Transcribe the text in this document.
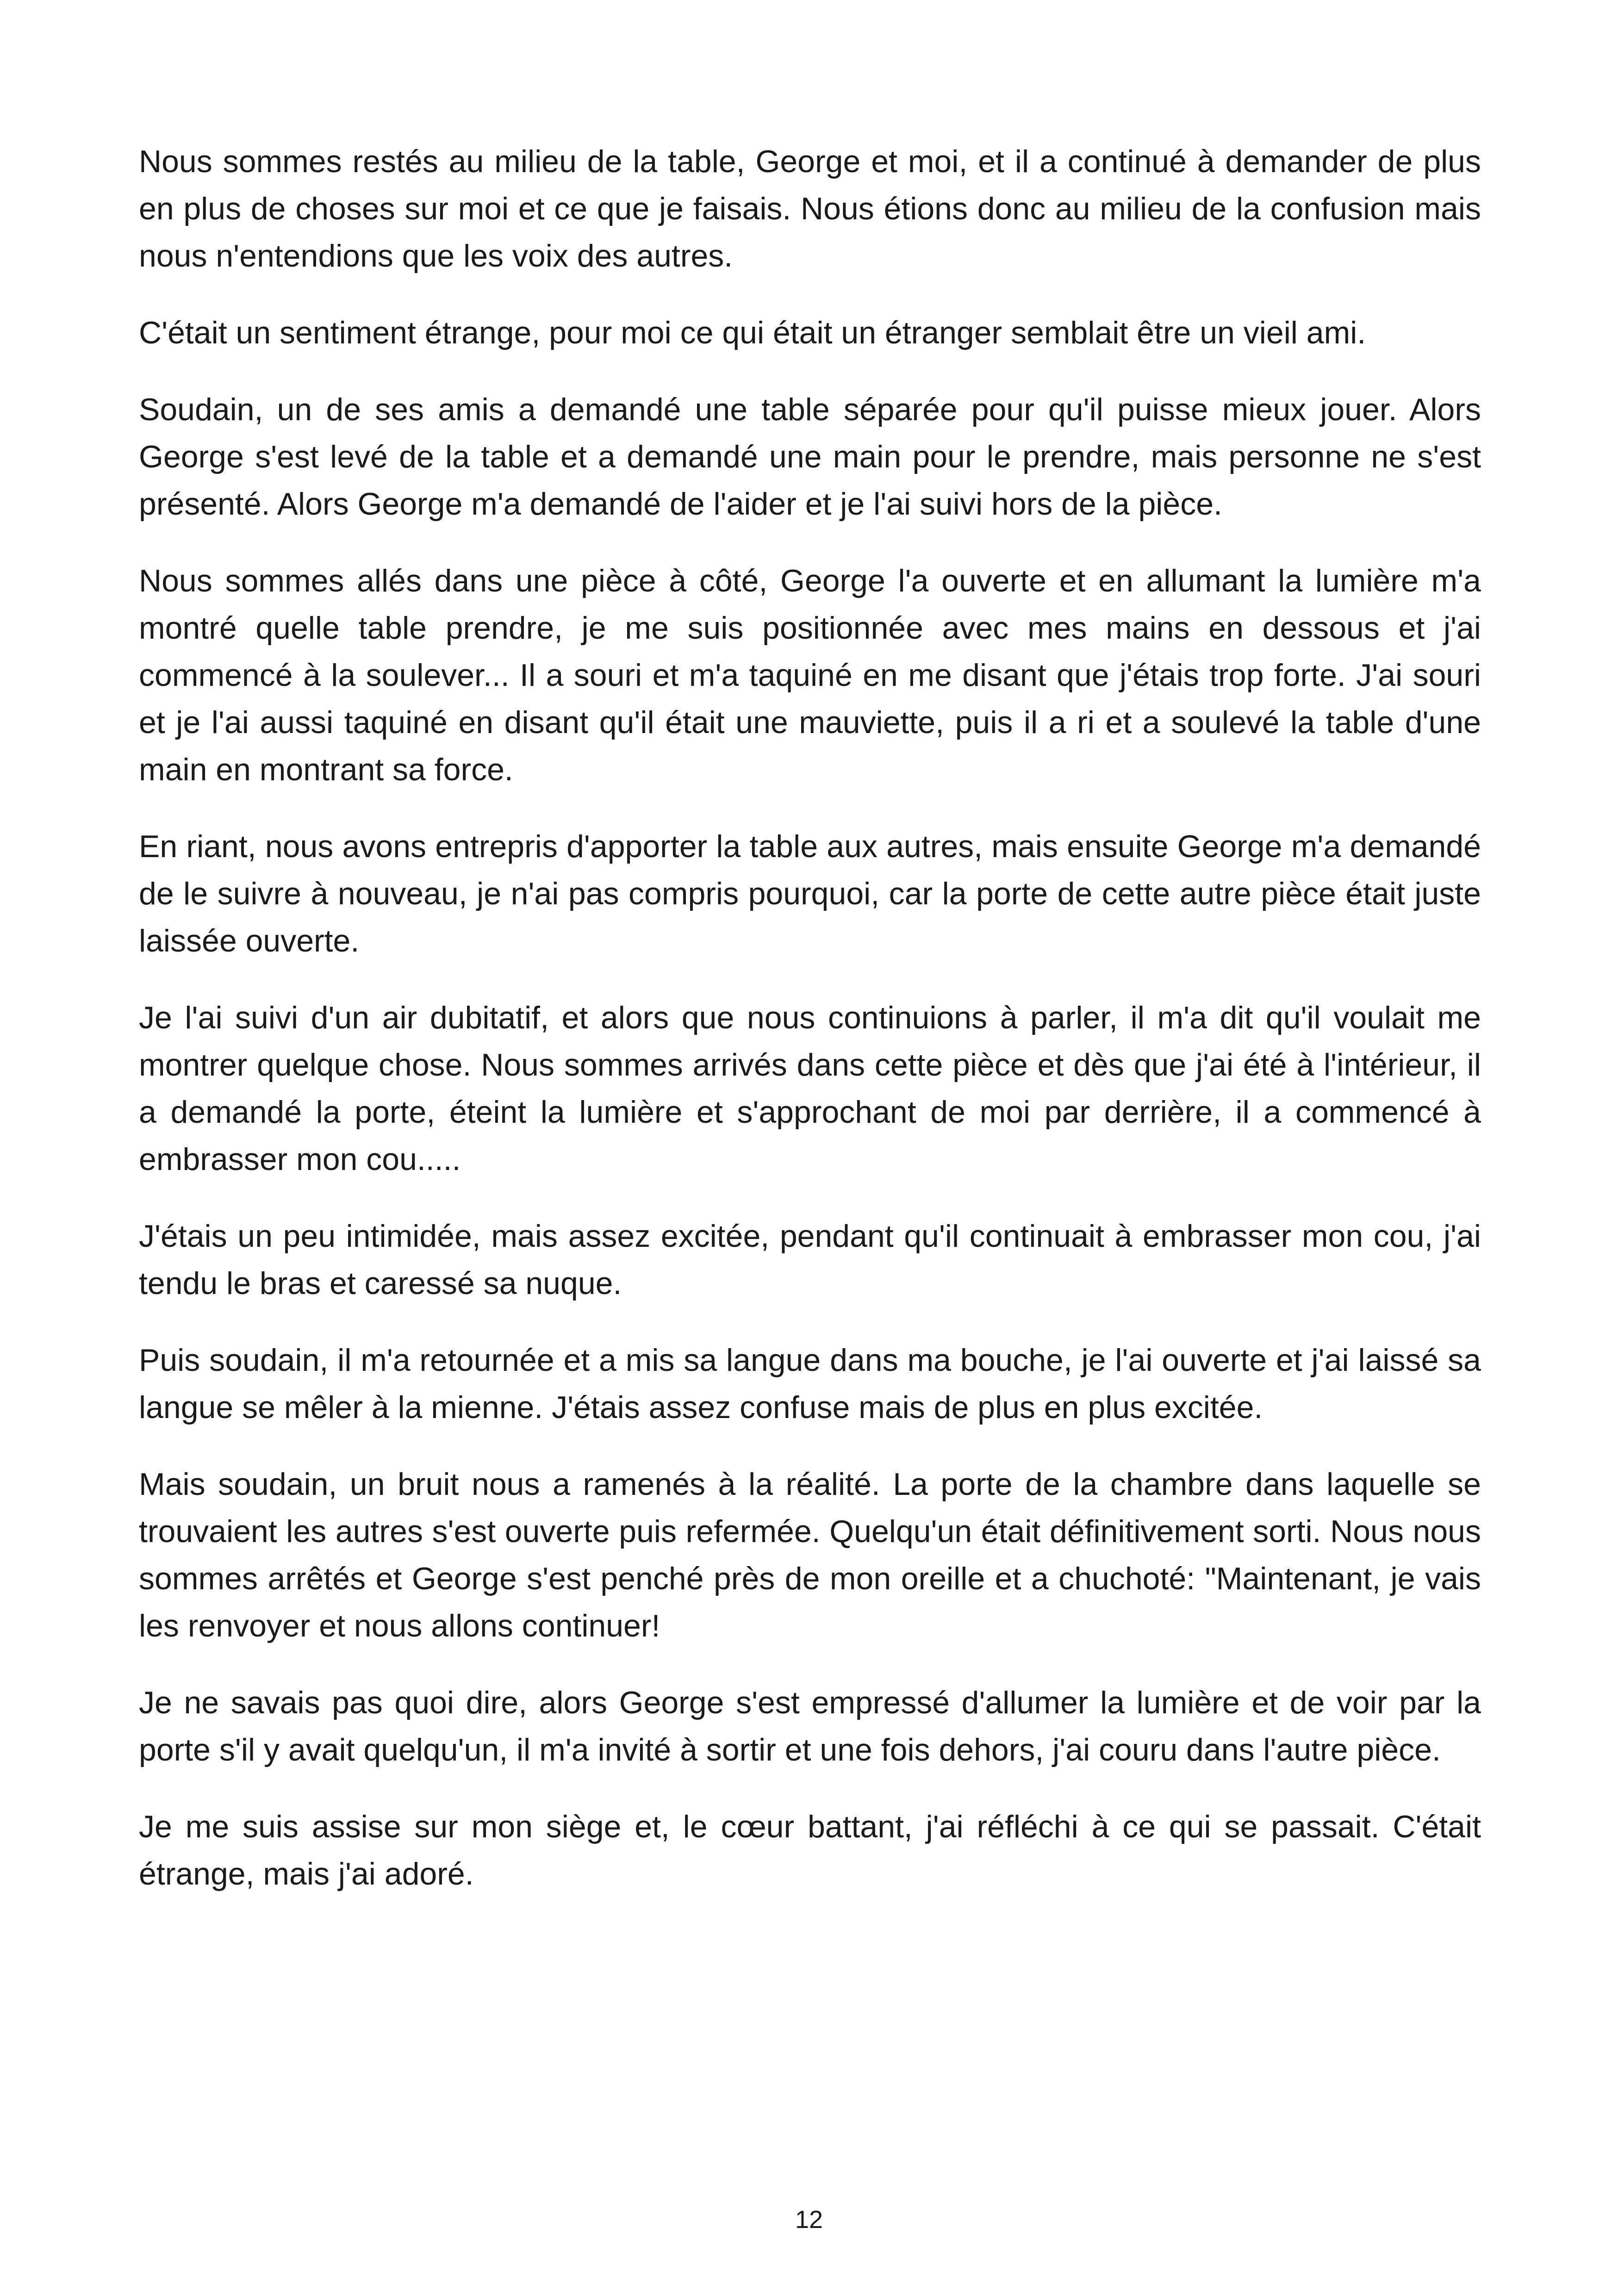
Nous sommes restés au milieu de la table, George et moi, et il a continué à demander de plus en plus de choses sur moi et ce que je faisais. Nous étions donc au milieu de la confusion mais nous n'entendions que les voix des autres.

C'était un sentiment étrange, pour moi ce qui était un étranger semblait être un vieil ami.

Soudain, un de ses amis a demandé une table séparée pour qu'il puisse mieux jouer. Alors George s'est levé de la table et a demandé une main pour le prendre, mais personne ne s'est présenté. Alors George m'a demandé de l'aider et je l'ai suivi hors de la pièce.

Nous sommes allés dans une pièce à côté, George l'a ouverte et en allumant la lumière m'a montré quelle table prendre, je me suis positionnée avec mes mains en dessous et j'ai commencé à la soulever... Il a souri et m'a taquiné en me disant que j'étais trop forte. J'ai souri et je l'ai aussi taquiné en disant qu'il était une mauviette, puis il a ri et a soulevé la table d'une main en montrant sa force.

En riant, nous avons entrepris d'apporter la table aux autres, mais ensuite George m'a demandé de le suivre à nouveau, je n'ai pas compris pourquoi, car la porte de cette autre pièce était juste laissée ouverte.

Je l'ai suivi d'un air dubitatif, et alors que nous continuions à parler, il m'a dit qu'il voulait me montrer quelque chose. Nous sommes arrivés dans cette pièce et dès que j'ai été à l'intérieur, il a demandé la porte, éteint la lumière et s'approchant de moi par derrière, il a commencé à embrasser mon cou.....

J'étais un peu intimidée, mais assez excitée, pendant qu'il continuait à embrasser mon cou, j'ai tendu le bras et caressé sa nuque.

Puis soudain, il m'a retournée et a mis sa langue dans ma bouche, je l'ai ouverte et j'ai laissé sa langue se mêler à la mienne. J'étais assez confuse mais de plus en plus excitée.

Mais soudain, un bruit nous a ramenés à la réalité. La porte de la chambre dans laquelle se trouvaient les autres s'est ouverte puis refermée. Quelqu'un était définitivement sorti. Nous nous sommes arrêtés et George s'est penché près de mon oreille et a chuchoté: "Maintenant, je vais les renvoyer et nous allons continuer!

Je ne savais pas quoi dire, alors George s'est empressé d'allumer la lumière et de voir par la porte s'il y avait quelqu'un, il m'a invité à sortir et une fois dehors, j'ai couru dans l'autre pièce.

Je me suis assise sur mon siège et, le cœur battant, j'ai réfléchi à ce qui se passait. C'était étrange, mais j'ai adoré.

12
